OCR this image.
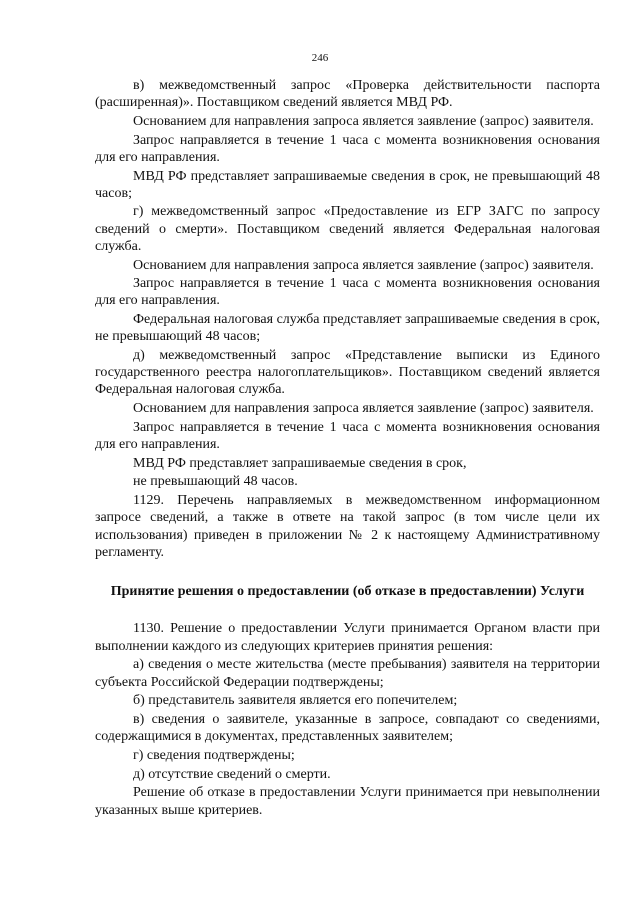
246

в) межведомственный запрос «Проверка действительности паспорта (расширенная)». Поставщиком сведений является МВД РФ.

Основанием для направления запроса является заявление (запрос) заявителя.

Запрос направляется в течение 1 часа с момента возникновения основания для его направления.

МВД РФ представляет запрашиваемые сведения в срок, не превышающий 48 часов;

г) межведомственный запрос «Предоставление из ЕГР ЗАГС по запросу сведений о смерти». Поставщиком сведений является Федеральная налоговая служба.

Основанием для направления запроса является заявление (запрос) заявителя.

Запрос направляется в течение 1 часа с момента возникновения основания для его направления.

Федеральная налоговая служба представляет запрашиваемые сведения в срок, не превышающий 48 часов;

д) межведомственный запрос «Представление выписки из Единого государственного реестра налогоплательщиков». Поставщиком сведений является Федеральная налоговая служба.

Основанием для направления запроса является заявление (запрос) заявителя.

Запрос направляется в течение 1 часа с момента возникновения основания для его направления.

МВД РФ представляет запрашиваемые сведения в срок,

не превышающий 48 часов.

1129. Перечень направляемых в межведомственном информационном запросе сведений, а также в ответе на такой запрос (в том числе цели их использования) приведен в приложении № 2 к настоящему Административному регламенту.

Принятие решения о предоставлении (об отказе в предоставлении) Услуги

1130. Решение о предоставлении Услуги принимается Органом власти при выполнении каждого из следующих критериев принятия решения:

а) сведения о месте жительства (месте пребывания) заявителя на территории субъекта Российской Федерации подтверждены;

б) представитель заявителя является его попечителем;

в) сведения о заявителе, указанные в запросе, совпадают со сведениями, содержащимися в документах, представленных заявителем;

г) сведения подтверждены;

д) отсутствие сведений о смерти.

Решение об отказе в предоставлении Услуги принимается при невыполнении указанных выше критериев.
